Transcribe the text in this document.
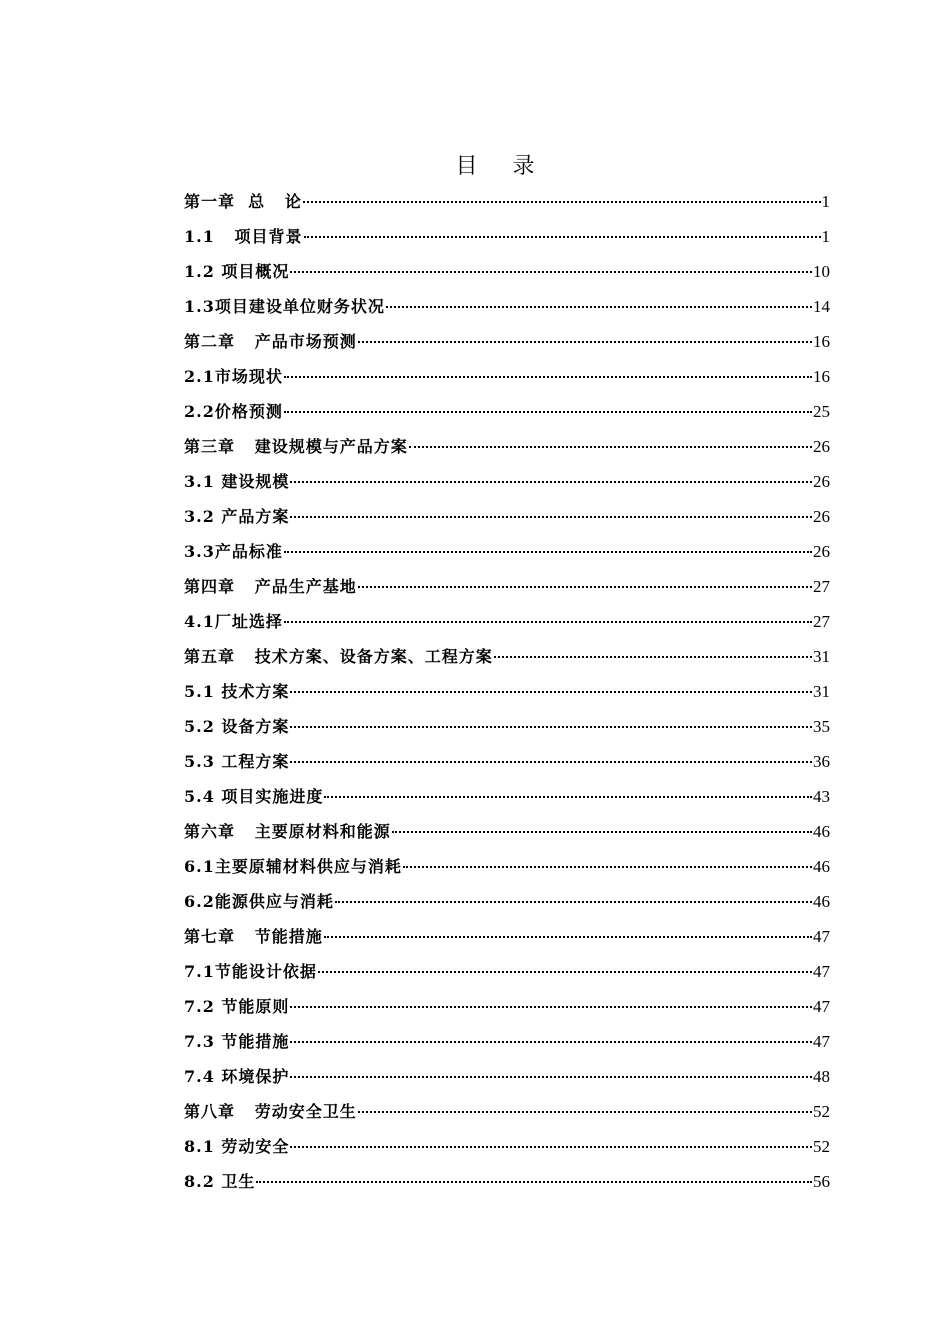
目 录
第一章  总   论	1
1.1   项目背景	1
1.2 项目概况	10
1.3项目建设单位财务状况	14
第二章   产品市场预测	16
2.1市场现状	16
2.2价格预测	25
第三章   建设规模与产品方案	26
3.1 建设规模	26
3.2 产品方案	26
3.3产品标准	26
第四章   产品生产基地	27
4.1厂址选择	27
第五章   技术方案、设备方案、工程方案	31
5.1 技术方案	31
5.2 设备方案	35
5.3 工程方案	36
5.4 项目实施进度	43
第六章   主要原材料和能源	46
6.1主要原辅材料供应与消耗	46
6.2能源供应与消耗	46
第七章   节能措施	47
7.1节能设计依据	47
7.2 节能原则	47
7.3 节能措施	47
7.4 环境保护	48
第八章   劳动安全卫生	52
8.1 劳动安全	52
8.2 卫生	56
